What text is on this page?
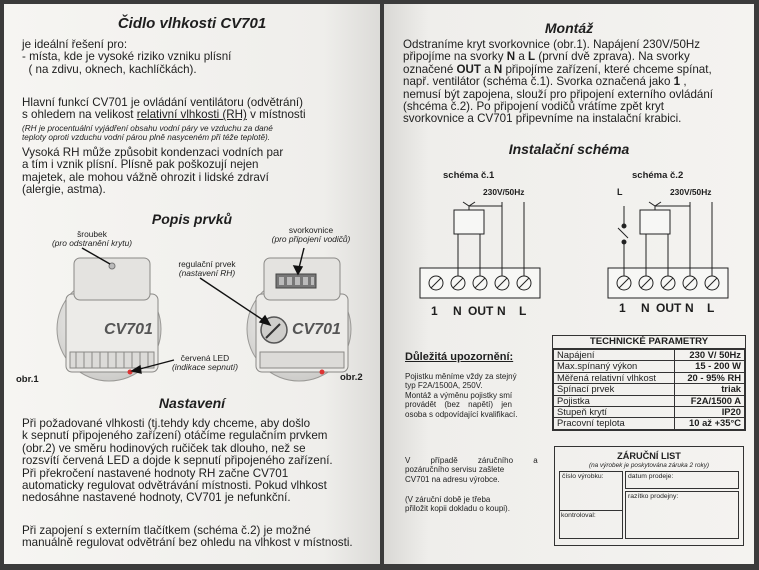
Čidlo vlhkosti CV701
je ideální řešení pro:
- místa, kde je vysoké riziko vzniku plísní
( na zdivu, oknech, kachlíčkách).
Hlavní funkcí CV701 je ovládání ventilátoru (odvětrání)
s ohledem na velikost relativní vlhkosti (RH) v místnosti
(RH je procentuální vyjádření obsahu vodní páry ve vzduchu za dané
teploty oproti vzduchu vodní párou plně nasyceném při téže teplotě).
Vysoká RH může způsobit kondenzaci vodních par
a tím i vznik plísní. Plísně pak poškozují nejen
majetek, ale mohou vážně ohrozit i lidské zdraví
(alergie, astma).
Popis prvků
CV701	CV701
šroubek
(pro odstranění krytu)
svorkovnice
(pro připojení vodičů)
regulační prvek
(nastavení RH)
červená LED
(indikace sepnutí)
obr.1	obr.2
Nastavení
Při požadované vlhkosti (tj.tehdy kdy chceme, aby došlo
k sepnutí připojeného zařízení) otáčíme regulačním prvkem
(obr.2) ve směru hodinových ručiček tak dlouho, než se
rozsvítí červená LED a dojde k sepnutí připojeného zařízení.
Při překročení nastavené hodnoty RH začne CV701
automaticky regulovat odvětrávání místnosti. Pokud vlhkost
nedosáhne nastavené hodnoty, CV701 je nefunkční.
Při zapojení s externím tlačítkem (schéma č.2) je možné
manuálně regulovat odvětrání bez ohledu na vlhkost v místnosti.
Montáž
Odstraníme kryt svorkovnice (obr.1). Napájení 230V/50Hz
připojíme na svorky N a L (první dvě zprava). Na svorky
označené OUT a N připojíme zařízení, které chceme spínat,
např. ventilátor (schéma č.1). Svorka označená jako 1 ,
nemusí být zapojena, slouží pro připojení externího ovládání
(shcéma č.2). Po připojení vodičů vrátíme zpět kryt
svorkovnice a CV701 připevníme na instalační krabici.
Instalační schéma
schéma č.1	schéma č.2
230V/50Hz	230V/50Hz
L
1 N OUT N L	1 N OUT N L
Důležitá upozornění:
Pojistku měníme vždy za stejný
typ F2A/1500A, 250V.
Montáž a výměnu pojistky smí
provádět (bez napětí) jen
osoba s odpovídající kvalifikací.
V případě záručního a
pozáručního servisu zašlete
CV701 na adresu výrobce.
(V záruční době je třeba
přiložit kopii dokladu o koupi).
TECHNICKÉ PARAMETRY
Napájení	230 V/ 50Hz
Max.spínaný výkon	15 - 200 W
Měřená relativní vlhkost	20 - 95% RH
Spínací prvek	triak
Pojistka	F2A/1500 A
Stupeň krytí	IP20
Pracovní teplota	10 až +35°C
ZÁRUČNÍ LIST
(na výrobek je poskytována záruka 2 roky)
číslo výrobku:
kontroloval:
datum prodeje:
razítko prodejny:
